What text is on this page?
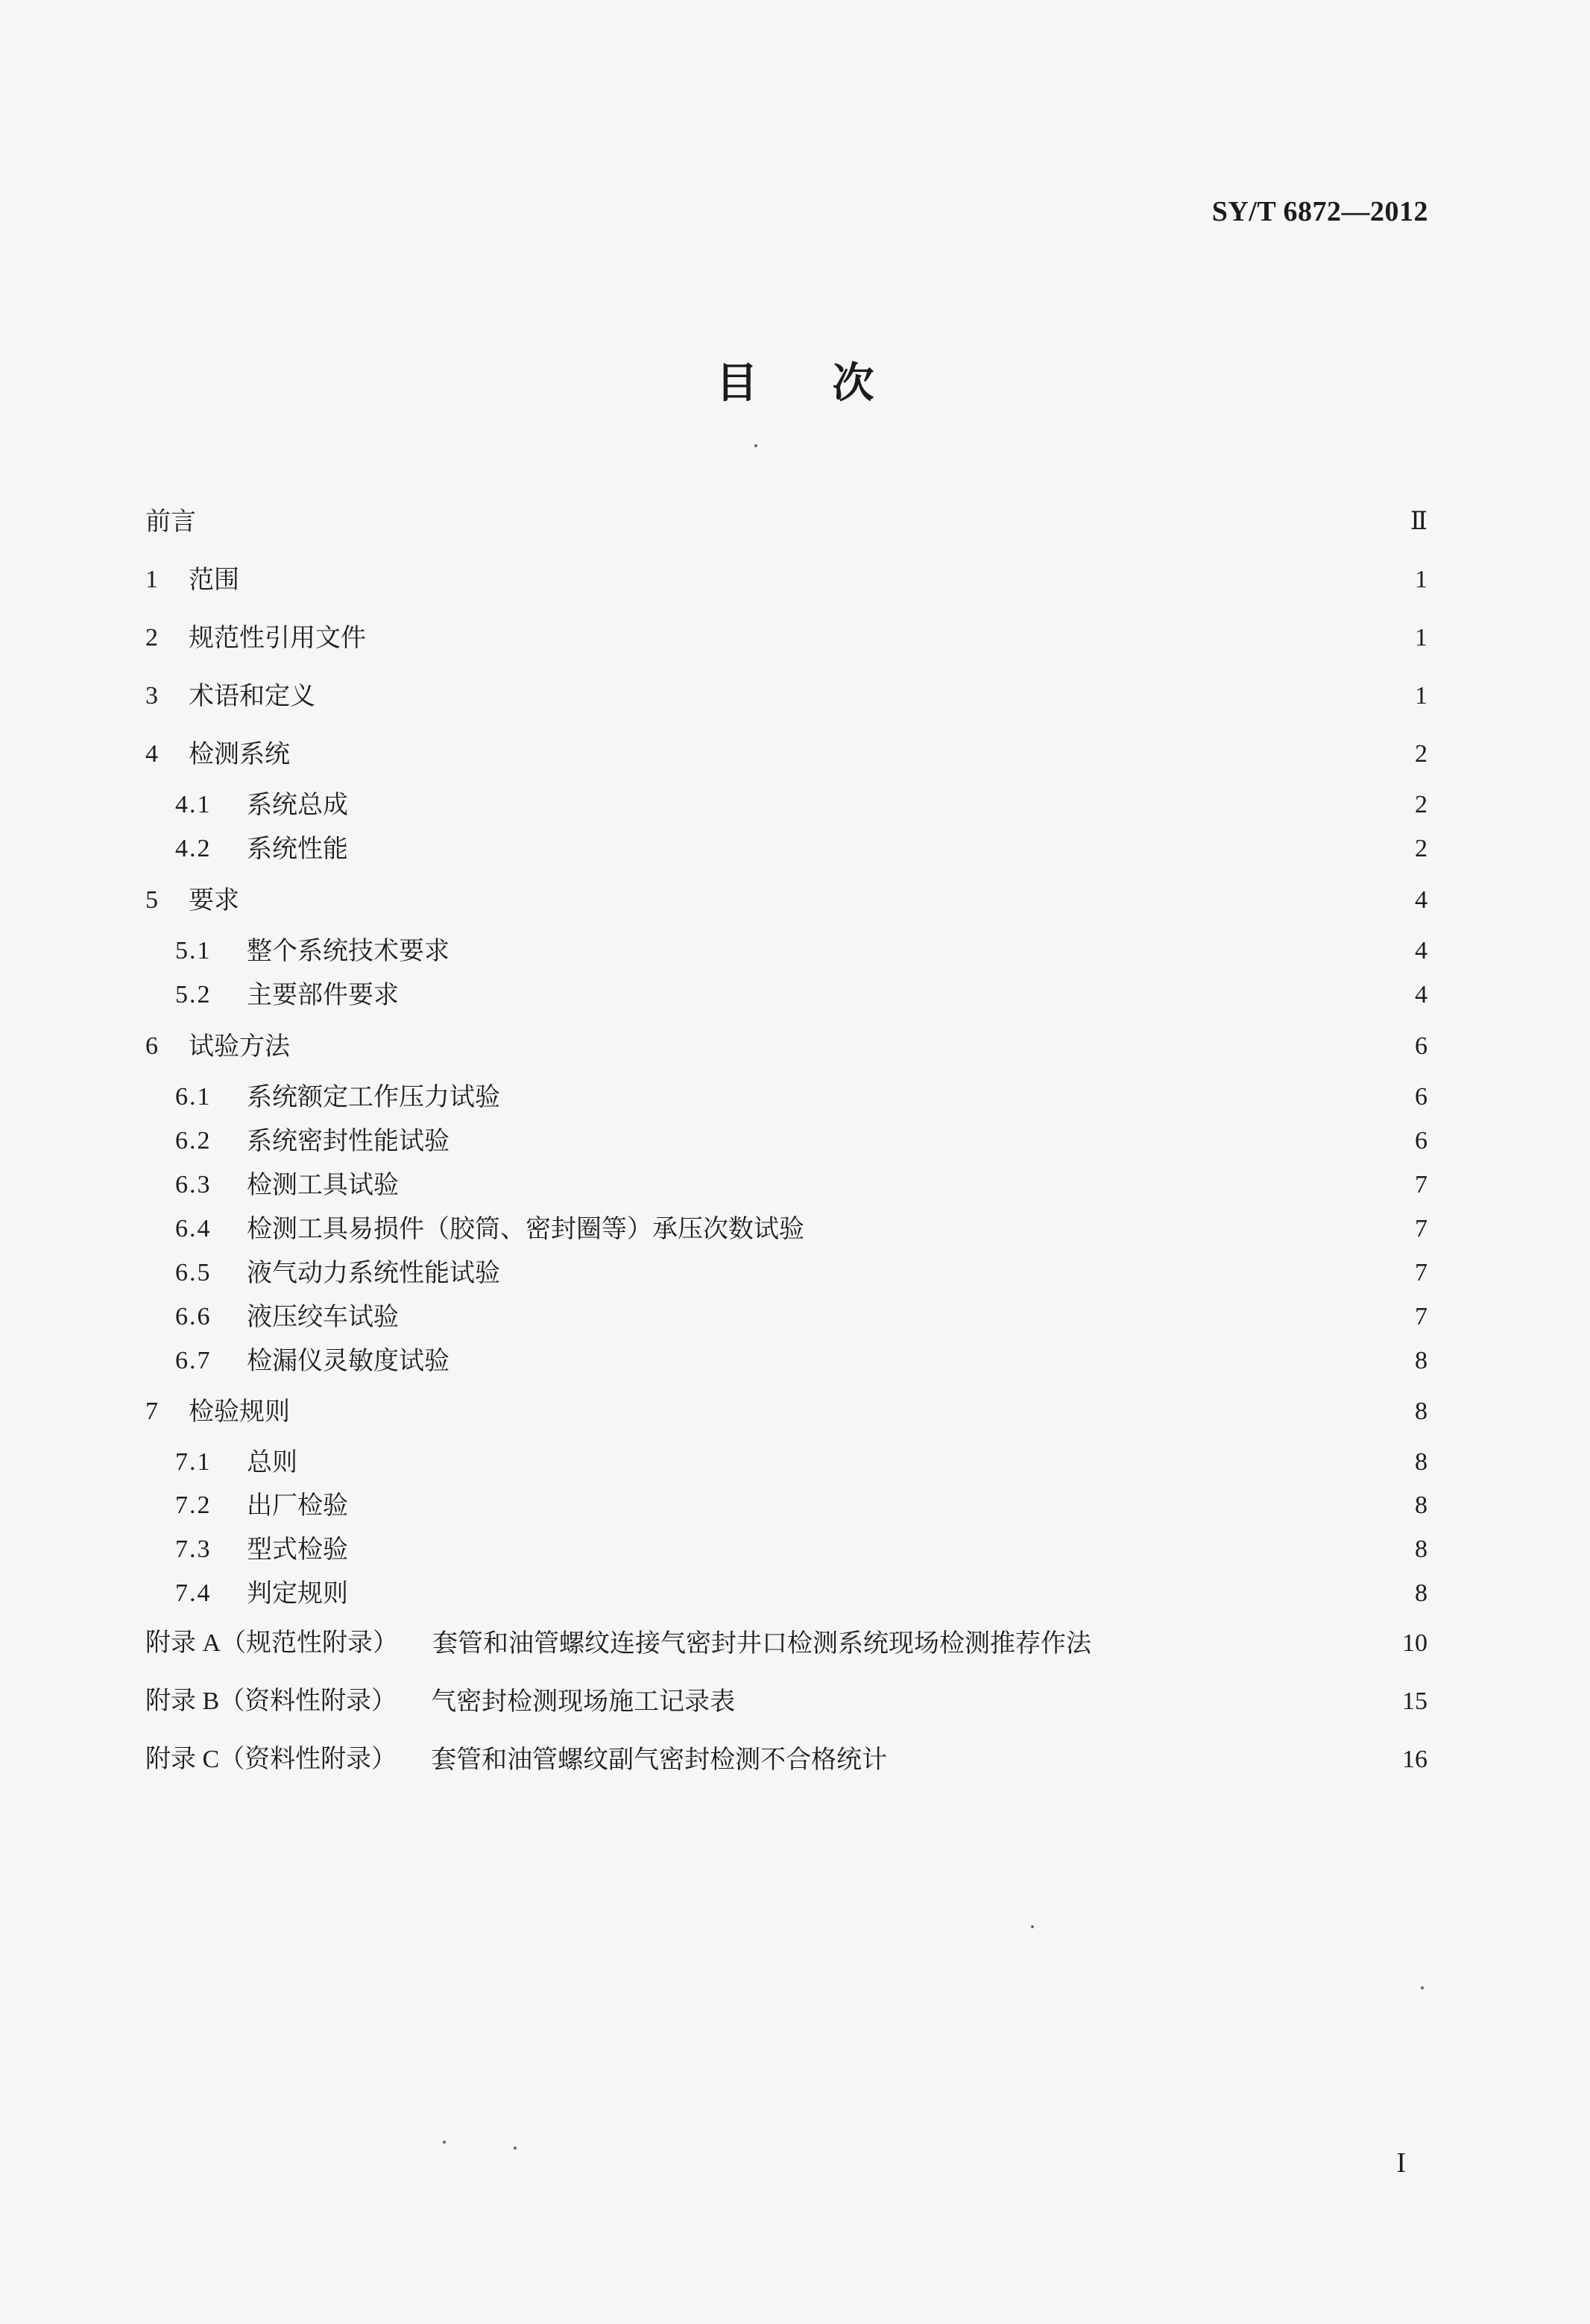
SY/T 6872—2012
目 次
前言	Ⅱ
1	范围	1
2	规范性引用文件	1
3	术语和定义	1
4	检测系统	2
4.1	系统总成	2
4.2	系统性能	2
5	要求	4
5.1	整个系统技术要求	4
5.2	主要部件要求	4
6	试验方法	6
6.1	系统额定工作压力试验	6
6.2	系统密封性能试验	6
6.3	检测工具试验	7
6.4	检测工具易损件（胶筒、密封圈等）承压次数试验	7
6.5	液气动力系统性能试验	7
6.6	液压绞车试验	7
6.7	检漏仪灵敏度试验	8
7	检验规则	8
7.1	总则	8
7.2	出厂检验	8
7.3	型式检验	8
7.4	判定规则	8
附录 A（规范性附录） 套管和油管螺纹连接气密封井口检测系统现场检测推荐作法	10
附录 B（资料性附录） 气密封检测现场施工记录表	15
附录 C（资料性附录） 套管和油管螺纹副气密封检测不合格统计	16
I
